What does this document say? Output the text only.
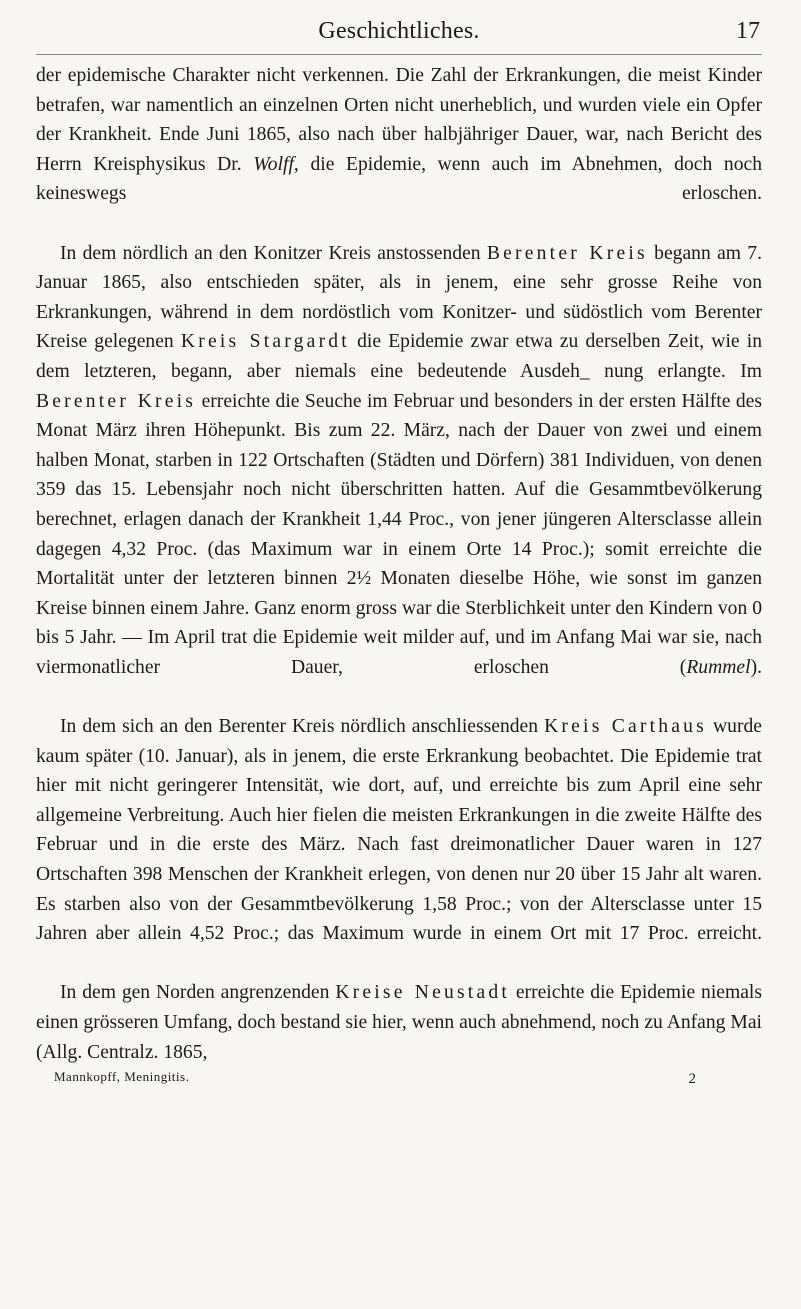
Geschichtliches.	17

der epidemische Charakter nicht verkennen. Die Zahl der Erkrankungen, die meist Kinder betrafen, war namentlich an einzelnen Orten nicht unerheblich, und wurden viele ein Opfer der Krankheit. Ende Juni 1865, also nach über halbjähriger Dauer, war, nach Bericht des Herrn Kreisphysikus Dr. Wolff, die Epidemie, wenn auch im Abnehmen, doch noch keineswegs erloschen.

In dem nördlich an den Konitzer Kreis anstossenden Berenter Kreis begann am 7. Januar 1865, also entschieden später, als in jenem, eine sehr grosse Reihe von Erkrankungen, während in dem nordöstlich vom Konitzer- und südöstlich vom Berenter Kreise gelegenen Kreis Stargardt die Epidemie zwar etwa zu derselben Zeit, wie in dem letzteren, begann, aber niemals eine bedeutende Ausdeh_ nung erlangte. Im Berenter Kreis erreichte die Seuche im Februar und besonders in der ersten Hälfte des Monat März ihren Höhepunkt. Bis zum 22. März, nach der Dauer von zwei und einem halben Monat, starben in 122 Ortschaften (Städten und Dörfern) 381 Individuen, von denen 359 das 15. Lebensjahr noch nicht überschritten hatten. Auf die Gesammtbevölkerung berechnet, erlagen danach der Krankheit 1,44 Proc., von jener jüngeren Altersclasse allein dagegen 4,32 Proc. (das Maximum war in einem Orte 14 Proc.); somit erreichte die Mortalität unter der letzteren binnen 2½ Monaten dieselbe Höhe, wie sonst im ganzen Kreise binnen einem Jahre. Ganz enorm gross war die Sterblichkeit unter den Kindern von 0 bis 5 Jahr. — Im April trat die Epidemie weit milder auf, und im Anfang Mai war sie, nach viermonatlicher Dauer, erloschen (Rummel).

In dem sich an den Berenter Kreis nördlich anschliessenden Kreis Carthaus wurde kaum später (10. Januar), als in jenem, die erste Erkrankung beobachtet. Die Epidemie trat hier mit nicht geringerer Intensität, wie dort, auf, und erreichte bis zum April eine sehr allgemeine Verbreitung. Auch hier fielen die meisten Erkrankungen in die zweite Hälfte des Februar und in die erste des März. Nach fast dreimonatlicher Dauer waren in 127 Ortschaften 398 Menschen der Krankheit erlegen, von denen nur 20 über 15 Jahr alt waren. Es starben also von der Gesammtbevölkerung 1,58 Proc.; von der Altersclasse unter 15 Jahren aber allein 4,52 Proc.; das Maximum wurde in einem Ort mit 17 Proc. erreicht.

In dem gen Norden angrenzenden Kreise Neustadt erreichte die Epidemie niemals einen grösseren Umfang, doch bestand sie hier, wenn auch abnehmend, noch zu Anfang Mai (Allg. Centralz. 1865,

Mannkopff, Meningitis.	2
